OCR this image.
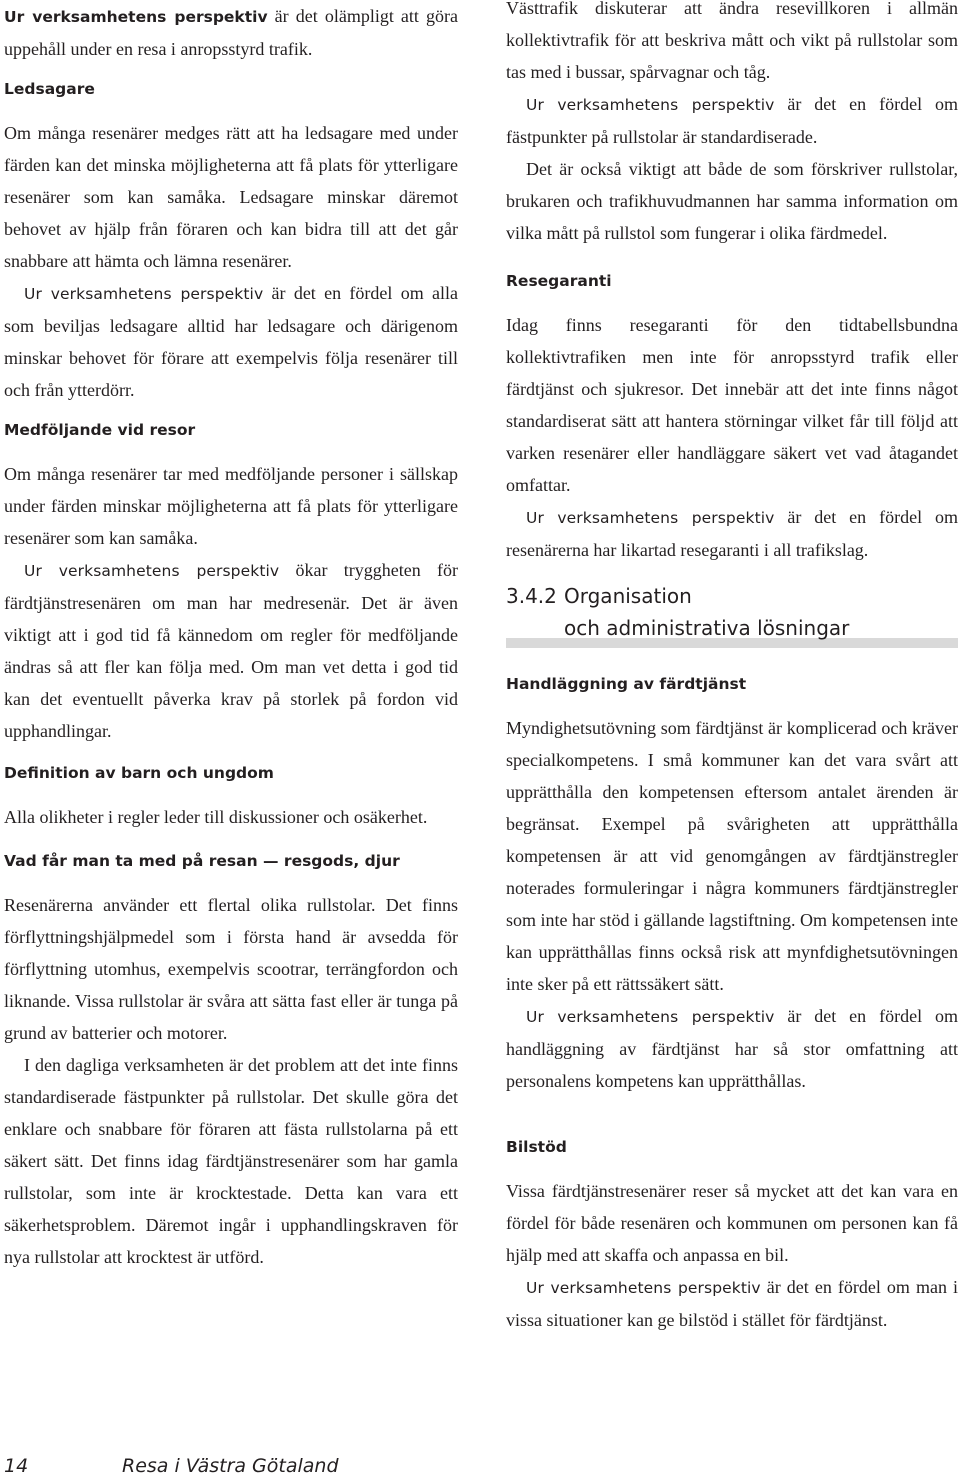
Ur verksamhetens perspektiv är det olämpligt att göra uppehåll under en resa i anropsstyrd trafik.

Ledsagare

Om många resenärer medges rätt att ha ledsagare med under färden kan det minska möjligheterna att få plats för ytterligare resenärer som kan samåka. Ledsagare minskar däremot behovet av hjälp från föraren och kan bidra till att det går snabbare att hämta och lämna resenärer.

Ur verksamhetens perspektiv är det en fördel om alla som beviljas ledsagare alltid har ledsagare och därigenom minskar behovet för förare att exempelvis följa resenärer till och från ytterdörr.

Medföljande vid resor

Om många resenärer tar med medföljande personer i sällskap under färden minskar möjligheterna att få plats för ytterligare resenärer som kan samåka.

Ur verksamhetens perspektiv ökar tryggheten för färdtjänstresenären om man har medresenär. Det är även viktigt att i god tid få kännedom om regler för medföljande ändras så att fler kan följa med. Om man vet detta i god tid kan det eventuellt påverka krav på storlek på fordon vid upphandlingar.

Definition av barn och ungdom

Alla olikheter i regler leder till diskussioner och osäkerhet.

Vad får man ta med på resan — resgods, djur

Resenärerna använder ett flertal olika rullstolar. Det finns förflyttningshjälpmedel som i första hand är avsedda för förflyttning utomhus, exempelvis scootrar, terrängfordon och liknande. Vissa rullstolar är svåra att sätta fast eller är tunga på grund av batterier och motorer.

I den dagliga verksamheten är det problem att det inte finns standardiserade fästpunkter på rullstolar. Det skulle göra det enklare och snabbare för föraren att fästa rullstolarna på ett säkert sätt. Det finns idag färdtjänstresenärer som har gamla rullstolar, som inte är krocktestade. Detta kan vara ett säkerhetsproblem. Däremot ingår i upphandlingskraven för nya rullstolar att krocktest är utförd.

Västtrafik diskuterar att ändra resevillkoren i allmän kollektivtrafik för att beskriva mått och vikt på rullstolar som tas med i bussar, spårvagnar och tåg.

Ur verksamhetens perspektiv är det en fördel om fästpunkter på rullstolar är standardiserade.

Det är också viktigt att både de som förskriver rullstolar, brukaren och trafikhuvudmannen har samma information om vilka mått på rullstol som fungerar i olika färdmedel.

Resegaranti

Idag finns resegaranti för den tidtabellsbundna kollektivtrafiken men inte för anropsstyrd trafik eller färdtjänst och sjukresor. Det innebär att det inte finns något standardiserat sätt att hantera störningar vilket får till följd att varken resenärer eller handläggare säkert vet vad åtagandet omfattar.

Ur verksamhetens perspektiv är det en fördel om resenärerna har likartad resegaranti i all trafikslag.

3.4.2 Organisation
och administrativa lösningar
Handläggning av färdtjänst

Myndighetsutövning som färdtjänst är komplicerad och kräver specialkompetens. I små kommuner kan det vara svårt att upprätthålla den kompetensen eftersom antalet ärenden är begränsat. Exempel på svårigheten att upprätthålla kompetensen är att vid genomgången av färdtjänstregler noterades formuleringar i några kommuners färdtjänstregler som inte har stöd i gällande lagstiftning. Om kompetensen inte kan upprätthållas finns också risk att mynfdighetsutövningen inte sker på ett rättssäkert sätt.

Ur verksamhetens perspektiv är det en fördel om handläggning av färdtjänst har så stor omfattning att personalens kompetens kan upprätthållas.

Bilstöd

Vissa färdtjänstresenärer reser så mycket att det kan vara en fördel för både resenären och kommunen om personen kan få hjälp med att skaffa och anpassa en bil.

Ur verksamhetens perspektiv är det en fördel om man i vissa situationer kan ge bilstöd i stället för färdtjänst.

14	Resa i Västra Götaland
